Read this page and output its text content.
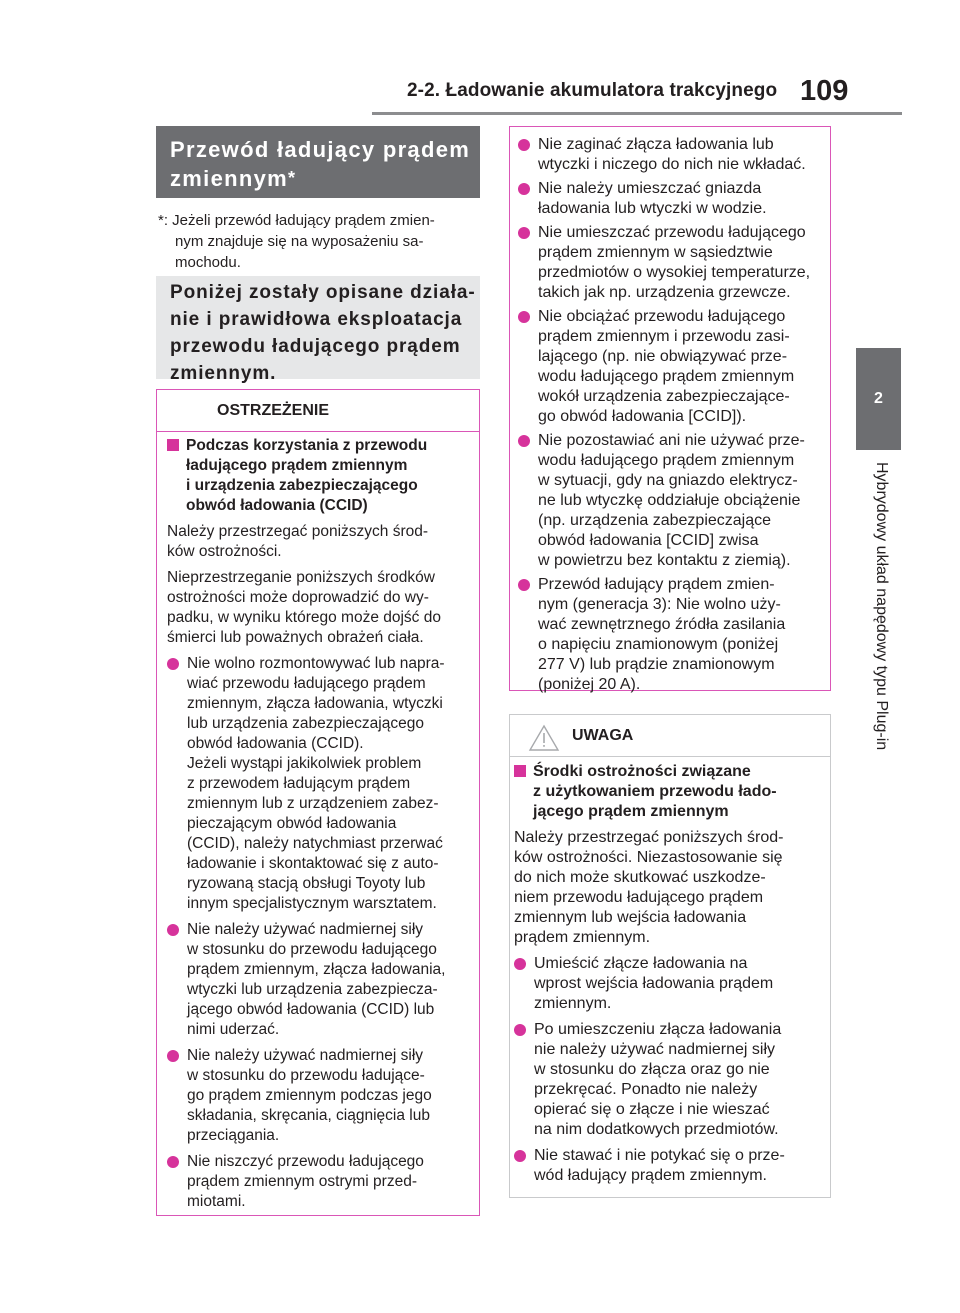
2-2. Ładowanie akumulatora trakcyjnego 109
2
Hybrydowy układ napędowy typu Plug-in
Przewód ładujący prądem
zmiennym*
*: Jeżeli przewód ładujący prądem zmien-
nym znajduje się na wyposażeniu sa-
mochodu.
Poniżej zostały opisane działa-
nie i prawidłowa eksploatacja
przewodu ładującego prądem
zmiennym.
OSTRZEŻENIE
Podczas korzystania z przewodu
ładującego prądem zmiennym
i urządzenia zabezpieczającego
obwód ładowania (CCID)
Należy przestrzegać poniższych środ-
ków ostrożności.
Nieprzestrzeganie poniższych środków
ostrożności może doprowadzić do wy-
padku, w wyniku którego może dojść do
śmierci lub poważnych obrażeń ciała.
Nie wolno rozmontowywać lub napra-
wiać przewodu ładującego prądem
zmiennym, złącza ładowania, wtyczki
lub urządzenia zabezpieczającego
obwód ładowania (CCID).
Jeżeli wystąpi jakikolwiek problem
z przewodem ładującym prądem
zmiennym lub z urządzeniem zabez-
pieczającym obwód ładowania
(CCID), należy natychmiast przerwać
ładowanie i skontaktować się z auto-
ryzowaną stacją obsługi Toyoty lub
innym specjalistycznym warsztatem.
Nie należy używać nadmiernej siły
w stosunku do przewodu ładującego
prądem zmiennym, złącza ładowania,
wtyczki lub urządzenia zabezpiecza-
jącego obwód ładowania (CCID) lub
nimi uderzać.
Nie należy używać nadmiernej siły
w stosunku do przewodu ładujące-
go prądem zmiennym podczas jego
składania, skręcania, ciągnięcia lub
przeciągania.
Nie niszczyć przewodu ładującego
prądem zmiennym ostrymi przed-
miotami.
Nie zaginać złącza ładowania lub
wtyczki i niczego do nich nie wkładać.
Nie należy umieszczać gniazda
ładowania lub wtyczki w wodzie.
Nie umieszczać przewodu ładującego
prądem zmiennym w sąsiedztwie
przedmiotów o wysokiej temperaturze,
takich jak np. urządzenia grzewcze.
Nie obciążać przewodu ładującego
prądem zmiennym i przewodu zasi-
lającego (np. nie obwiązywać prze-
wodu ładującego prądem zmiennym
wokół urządzenia zabezpieczające-
go obwód ładowania [CCID]).
Nie pozostawiać ani nie używać prze-
wodu ładującego prądem zmiennym
w sytuacji, gdy na gniazdo elektrycz-
ne lub wtyczkę oddziałuje obciążenie
(np. urządzenia zabezpieczające
obwód ładowania [CCID] zwisa
w powietrzu bez kontaktu z ziemią).
Przewód ładujący prądem zmien-
nym (generacja 3): Nie wolno uży-
wać zewnętrznego źródła zasilania
o napięciu znamionowym (poniżej
277 V) lub prądzie znamionowym
(poniżej 20 A).
UWAGA
Środki ostrożności związane
z użytkowaniem przewodu łado-
jącego prądem zmiennym
Należy przestrzegać poniższych środ-
ków ostrożności. Niezastosowanie się
do nich może skutkować uszkodze-
niem przewodu ładującego prądem
zmiennym lub wejścia ładowania
prądem zmiennym.
Umieścić złącze ładowania na
wprost wejścia ładowania prądem
zmiennym.
Po umieszczeniu złącza ładowania
nie należy używać nadmiernej siły
w stosunku do złącza oraz go nie
przekręcać. Ponadto nie należy
opierać się o złącze i nie wieszać
na nim dodatkowych przedmiotów.
Nie stawać i nie potykać się o prze-
wód ładujący prądem zmiennym.
